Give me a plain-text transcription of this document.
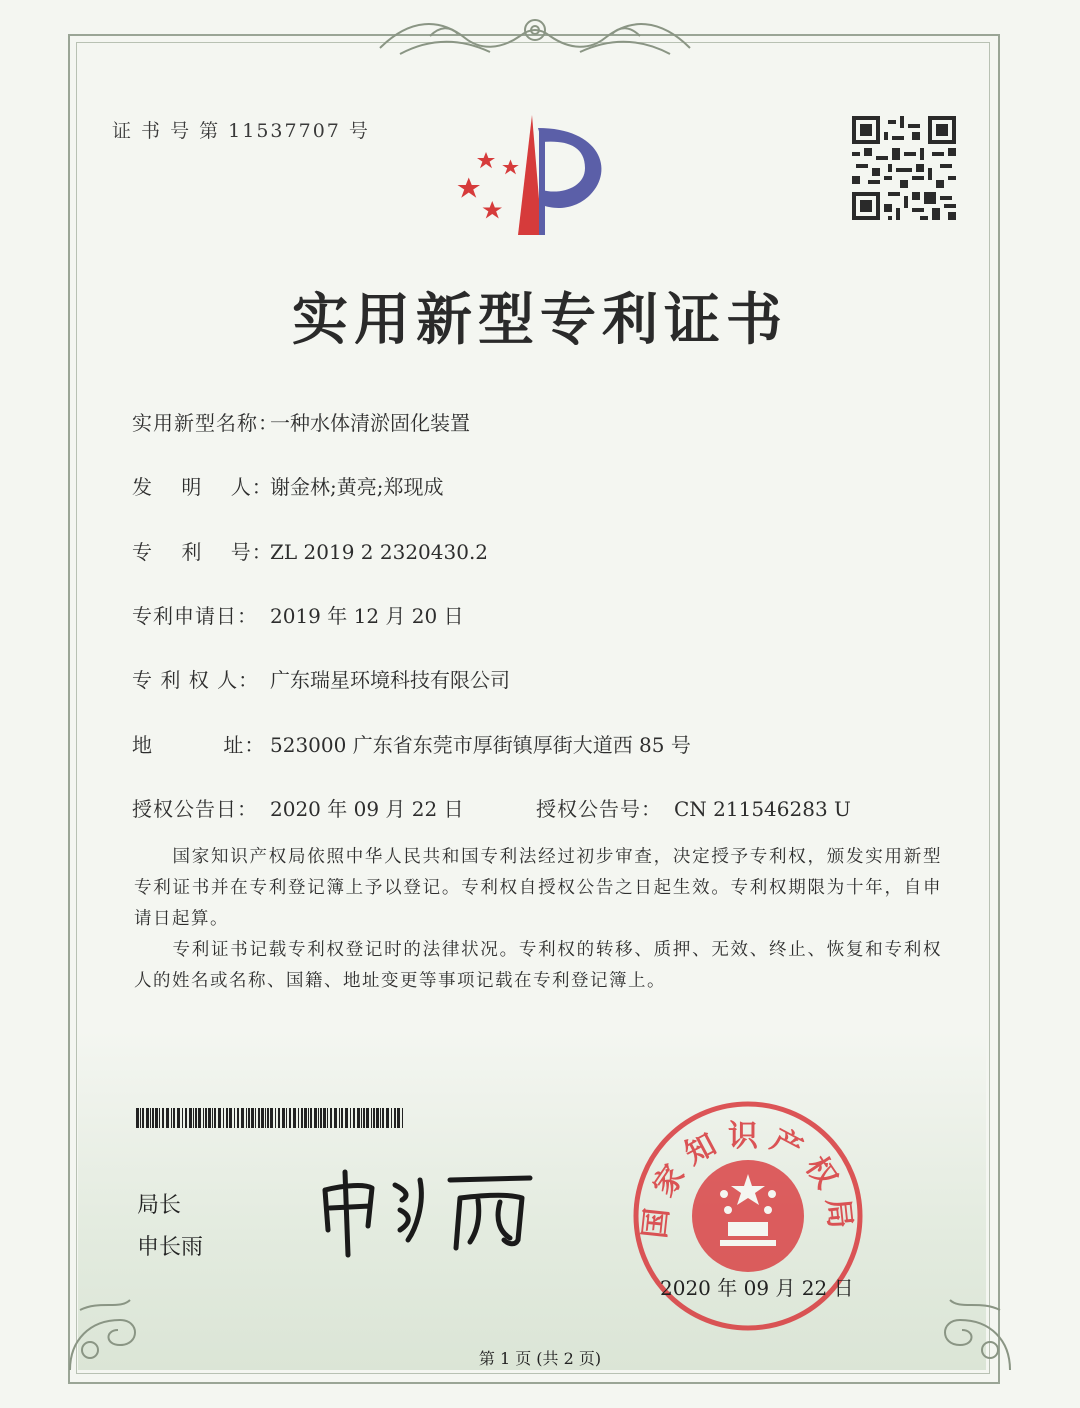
证 书 号 第 11537707 号
实用新型专利证书
实用新型名称：一种水体清淤固化装置
发　 明　 人：谢金林;黄亮;郑现成
专　 利　 号：ZL 2019 2 2320430.2
专利申请日： 2019 年 12 月 20 日
专 利 权 人： 广东瑞星环境科技有限公司
地　　　 址： 523000 广东省东莞市厚街镇厚街大道西 85 号
授权公告日： 2020 年 09 月 22 日	授权公告号： CN 211546283 U

国家知识产权局依照中华人民共和国专利法经过初步审查，决定授予专利权，颁发实用新型专利证书并在专利登记簿上予以登记。专利权自授权公告之日起生效。专利权期限为十年，自申请日起算。

专利证书记载专利权登记时的法律状况。专利权的转移、质押、无效、终止、恢复和专利权人的姓名或名称、国籍、地址变更等事项记载在专利登记簿上。

局长
申长雨
国家知识产权局
2020 年 09 月 22 日
第 1 页 (共 2 页)
